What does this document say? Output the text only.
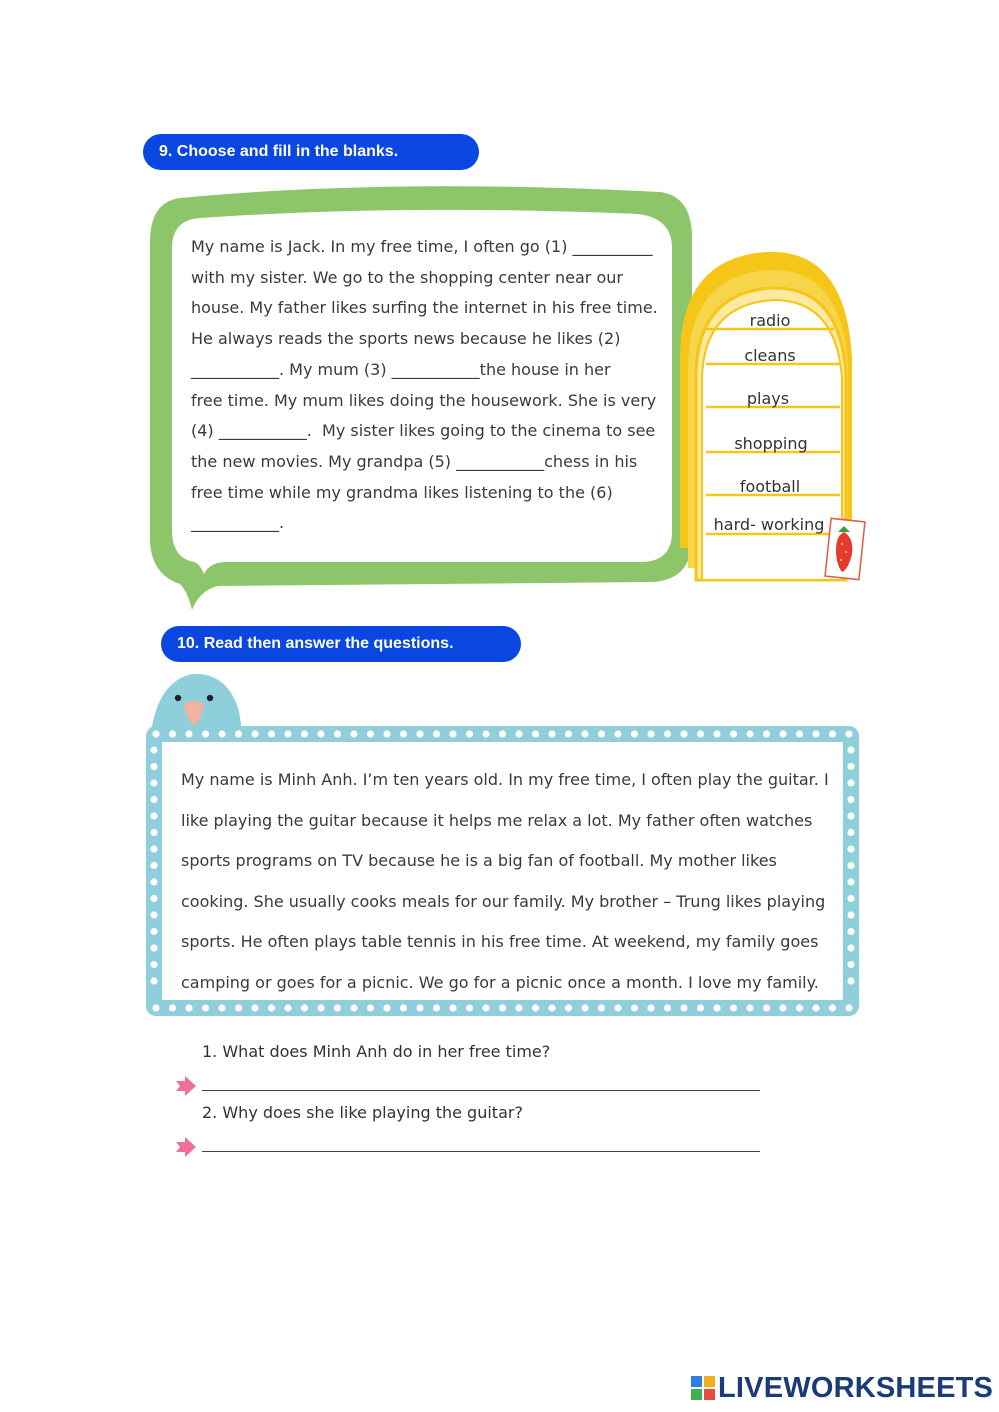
9. Choose and fill in the blanks.

My name is Jack. In my free time, I often go (1) __________
with my sister. We go to the shopping center near our
house. My father likes surfing the internet in his free time.
He always reads the sports news because he likes (2)
___________. My mum (3) ___________the house in her
free time. My mum likes doing the housework. She is very
(4) ___________.  My sister likes going to the cinema to see
the new movies. My grandpa (5) ___________chess in his
free time while my grandma likes listening to the (6)
___________.

radio
cleans
plays
shopping
football
hard- working
10. Read then answer the questions.

My name is Minh Anh. I’m ten years old. In my free time, I often play the guitar. I
like playing the guitar because it helps me relax a lot. My father often watches
sports programs on TV because he is a big fan of football. My mother likes
cooking. She usually cooks meals for our family. My brother – Trung likes playing
sports. He often plays table tennis in his free time. At weekend, my family goes
camping or goes for a picnic. We go for a picnic once a month. I love my family.

1. What does Minh Anh do in her free time?
2. Why does she like playing the guitar?
LIVEWORKSHEETS
